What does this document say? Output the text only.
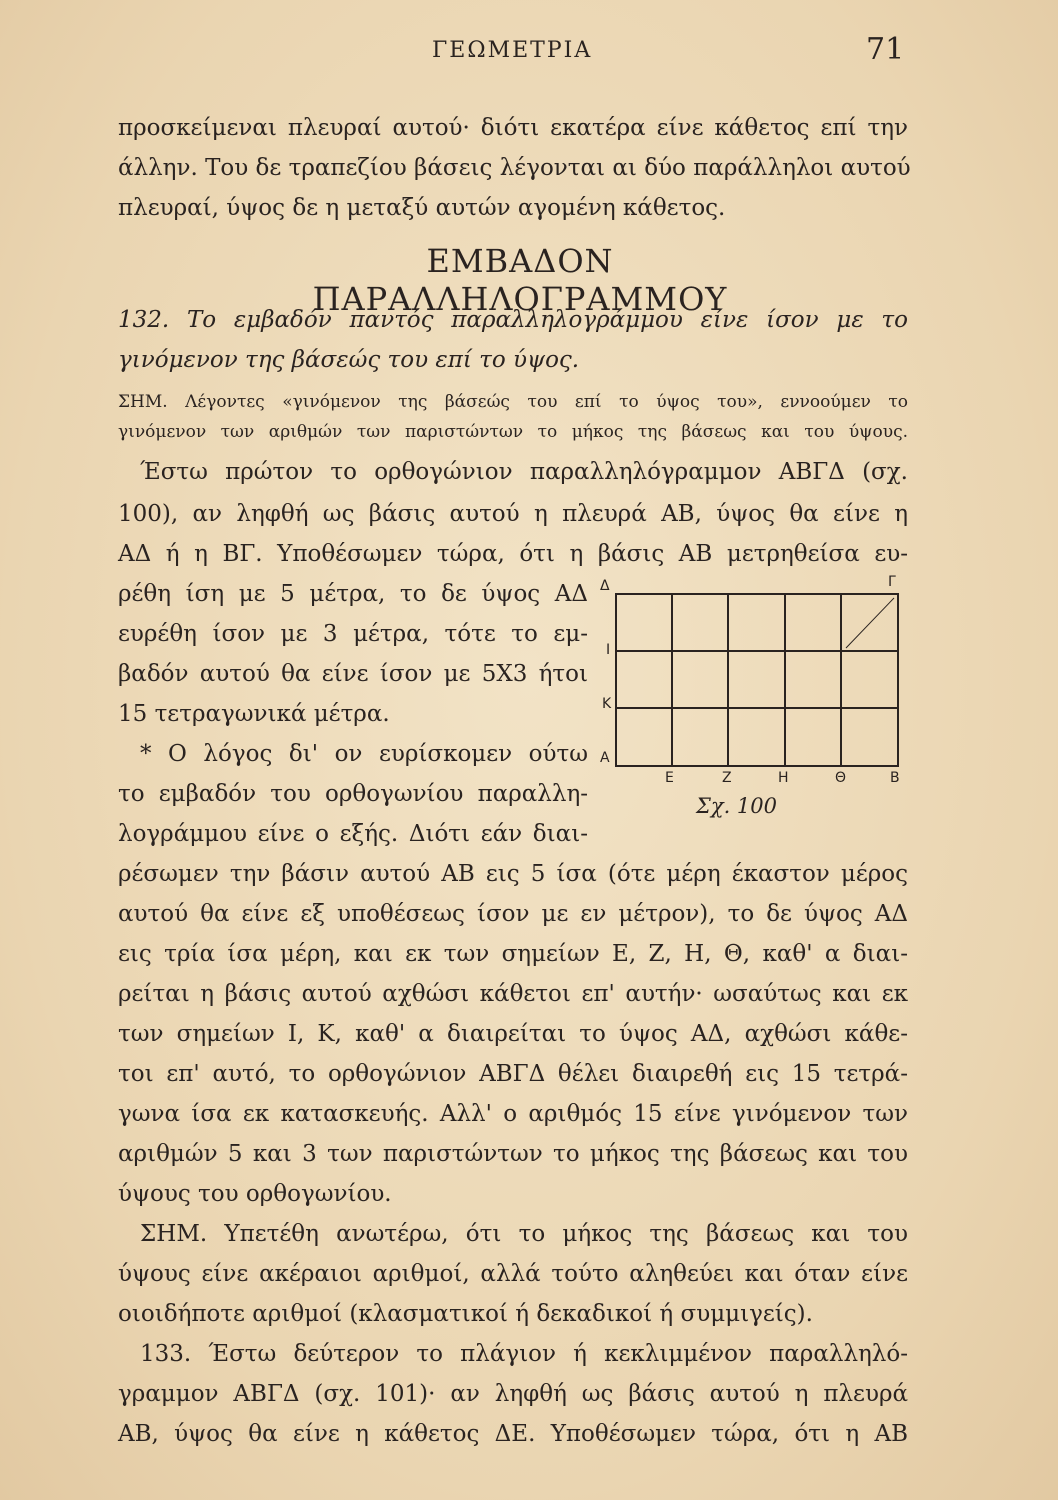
ΓΕΩΜΕΤΡΙΑ	71
προσκείμεναι πλευραί αυτού· διότι εκατέρα είνε κάθετος επί την
άλλην. Του δε τραπεζίου βάσεις λέγονται αι δύο παράλληλοι αυτού
πλευραί, ύψος δε η μεταξύ αυτών αγομένη κάθετος.
ΕΜΒΑΔΟΝ ΠΑΡΑΛΛΗΛΟΓΡΑΜΜΟΥ
132. Το εμβαδόν παντός παραλληλογράμμου είνε ίσον με το
γινόμενον της βάσεώς του επί το ύψος.
ΣΗΜ. Λέγοντες «γινόμενον της βάσεώς του επί το ύψος του», εννοούμεν το
γινόμενον των αριθμών των παριστώντων το μήκος της βάσεως και του ύψους.
Έστω πρώτον το ορθογώνιον παραλληλόγραμμον ΑΒΓΔ (σχ.
100), αν ληφθή ως βάσις αυτού η πλευρά ΑΒ, ύψος θα είνε η
ΑΔ ή η ΒΓ. Υποθέσωμεν τώρα, ότι η βάσις ΑΒ μετρηθείσα ευ-
ρέθη ίση με 5 μέτρα, το δε ύψος ΑΔ
ευρέθη ίσον με 3 μέτρα, τότε το εμ-
βαδόν αυτού θα είνε ίσον με 5Χ3 ήτοι
15 τετραγωνικά μέτρα.
* Ο λόγος δι' ον ευρίσκομεν ούτω
το εμβαδόν του ορθογωνίου παραλλη-
λογράμμου είνε ο εξής. Διότι εάν διαι-
Δ	Γ
I
K
A
E	Z	H	Θ	B
Σχ. 100
ρέσωμεν την βάσιν αυτού ΑΒ εις 5 ίσα (ότε μέρη έκαστον μέρος
αυτού θα είνε εξ υποθέσεως ίσον με εν μέτρον), το δε ύψος ΑΔ
εις τρία ίσα μέρη, και εκ των σημείων Ε, Ζ, Η, Θ, καθ' α διαι-
ρείται η βάσις αυτού αχθώσι κάθετοι επ' αυτήν· ωσαύτως και εκ
των σημείων Ι, Κ, καθ' α διαιρείται το ύψος ΑΔ, αχθώσι κάθε-
τοι επ' αυτό, το ορθογώνιον ΑΒΓΔ θέλει διαιρεθή εις 15 τετρά-
γωνα ίσα εκ κατασκευής. Αλλ' ο αριθμός 15 είνε γινόμενον των
αριθμών 5 και 3 των παριστώντων το μήκος της βάσεως και του
ύψους του ορθογωνίου.
ΣΗΜ. Υπετέθη ανωτέρω, ότι το μήκος της βάσεως και του
ύψους είνε ακέραιοι αριθμοί, αλλά τούτο αληθεύει και όταν είνε
οιοιδήποτε αριθμοί (κλασματικοί ή δεκαδικοί ή συμμιγείς).
133. Έστω δεύτερον το πλάγιον ή κεκλιμμένον παραλληλό-
γραμμον ΑΒΓΔ (σχ. 101)· αν ληφθή ως βάσις αυτού η πλευρά
ΑΒ, ύψος θα είνε η κάθετος ΔΕ. Υποθέσωμεν τώρα, ότι η ΑΒ
